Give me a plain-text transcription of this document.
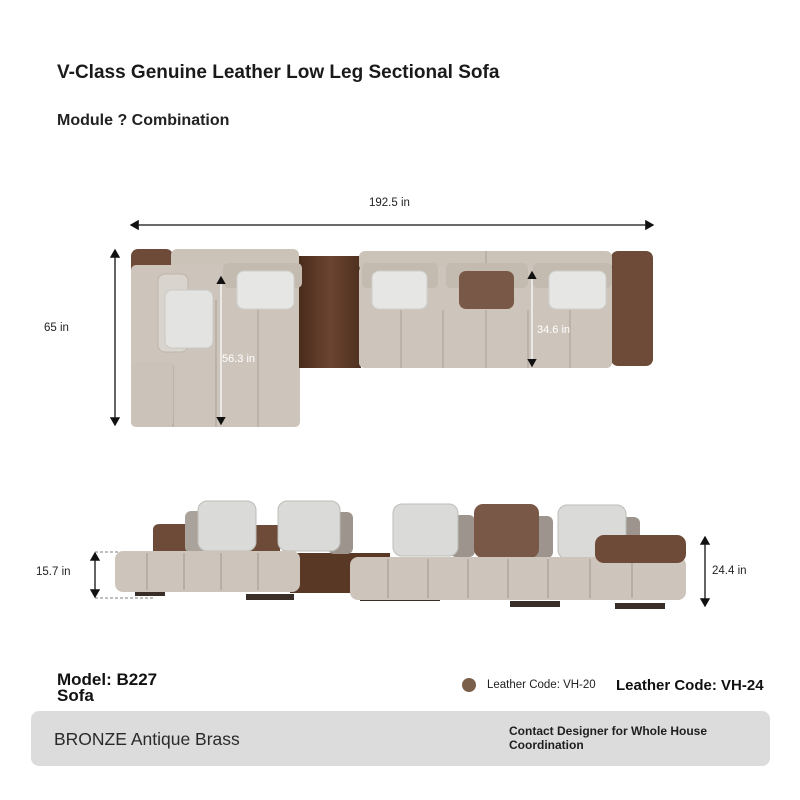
V-Class Genuine Leather Low Leg Sectional Sofa
Module ? Combination
192.5 in
65 in
56.3 in
34.6 in
15.7 in	24.4 in
Model: B227
Sofa
Leather Code: VH-20 Leather Code: VH-24
BRONZE Antique Brass	Contact Designer for Whole House Coordination
